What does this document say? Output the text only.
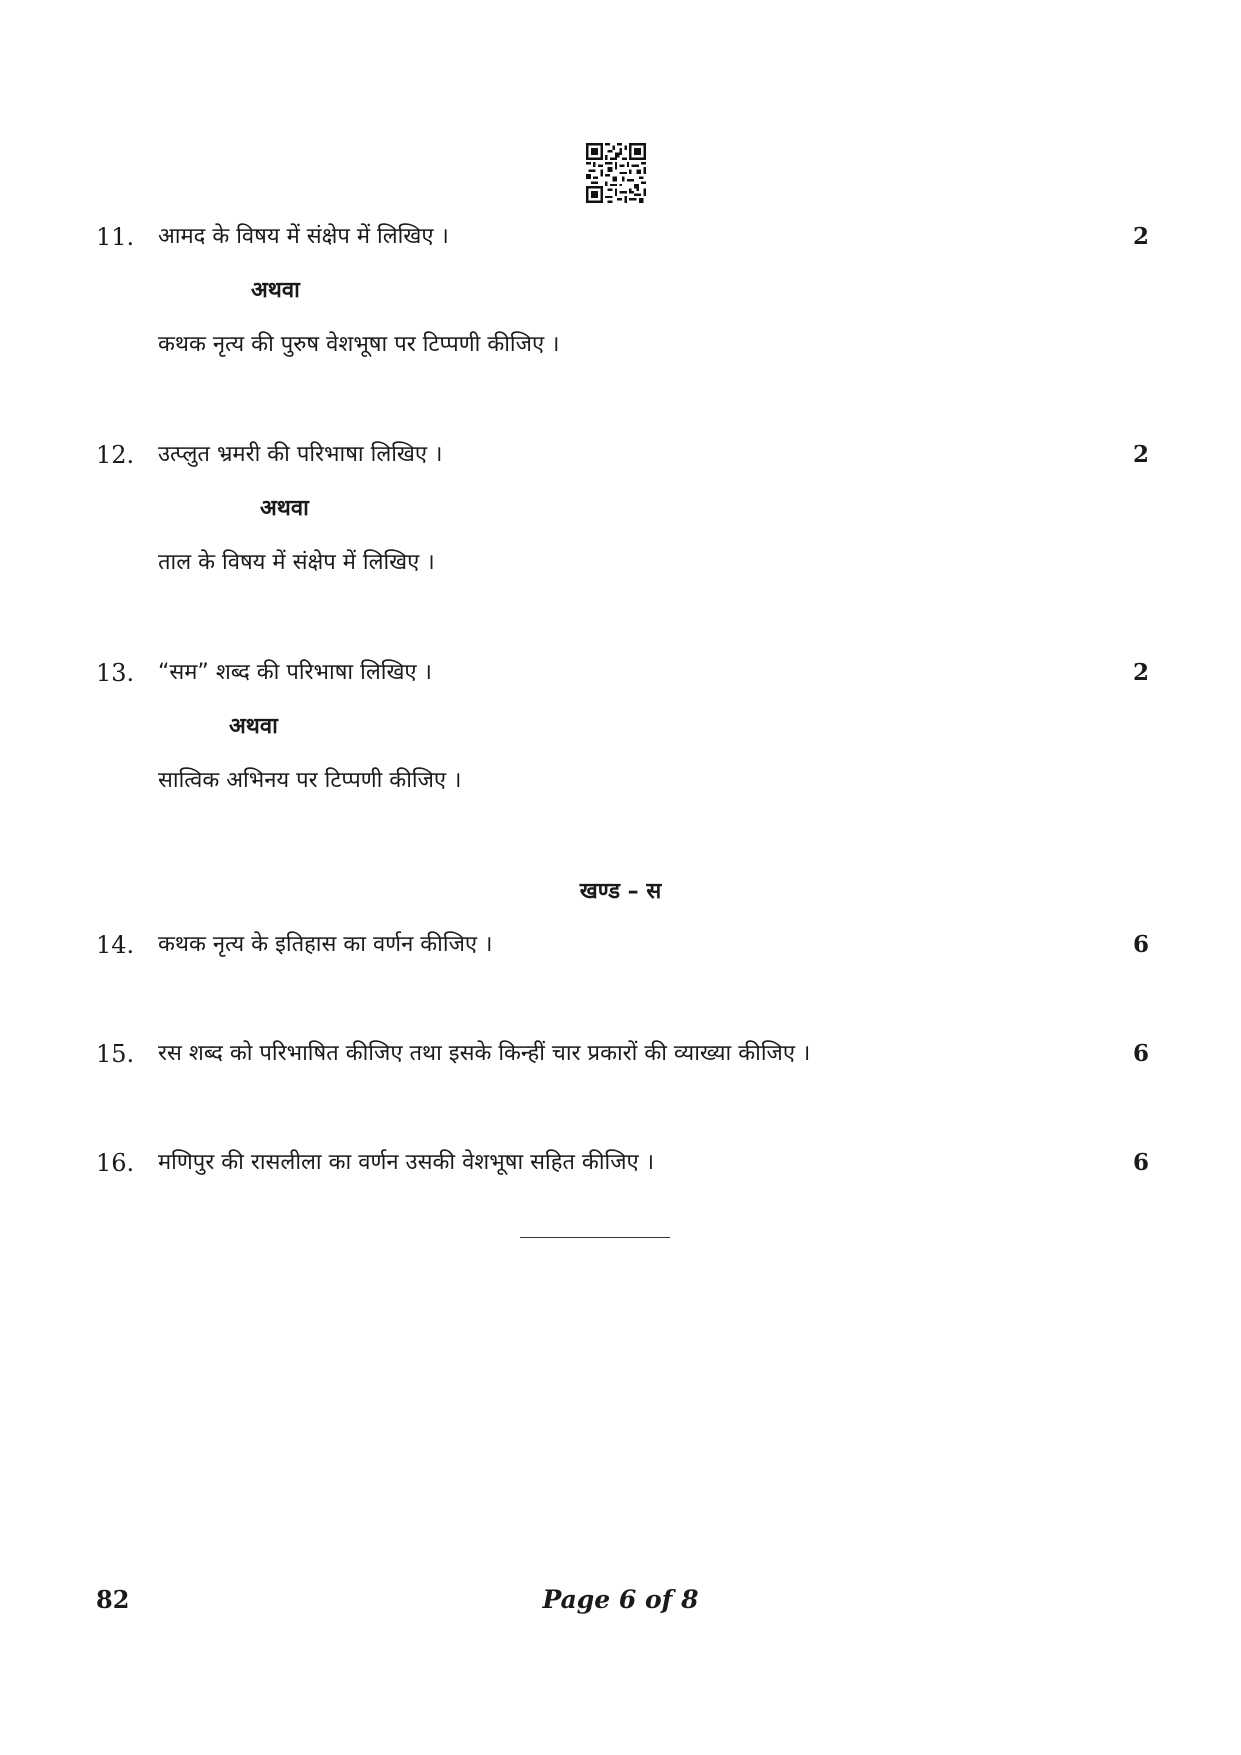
11. आमद के विषय में संक्षेप में लिखिए ।	2
अथवा
कथक नृत्य की पुरुष वेशभूषा पर टिप्पणी कीजिए ।
12. उत्प्लुत भ्रमरी की परिभाषा लिखिए ।	2
अथवा
ताल के विषय में संक्षेप में लिखिए ।
13. “सम” शब्द की परिभाषा लिखिए ।	2
अथवा
सात्विक अभिनय पर टिप्पणी कीजिए ।
खण्ड – स
14. कथक नृत्य के इतिहास का वर्णन कीजिए ।	6
15. रस शब्द को परिभाषित कीजिए तथा इसके किन्हीं चार प्रकारों की व्याख्या कीजिए ।	6
16. मणिपुर की रासलीला का वर्णन उसकी वेशभूषा सहित कीजिए ।	6
82	Page 6 of 8
